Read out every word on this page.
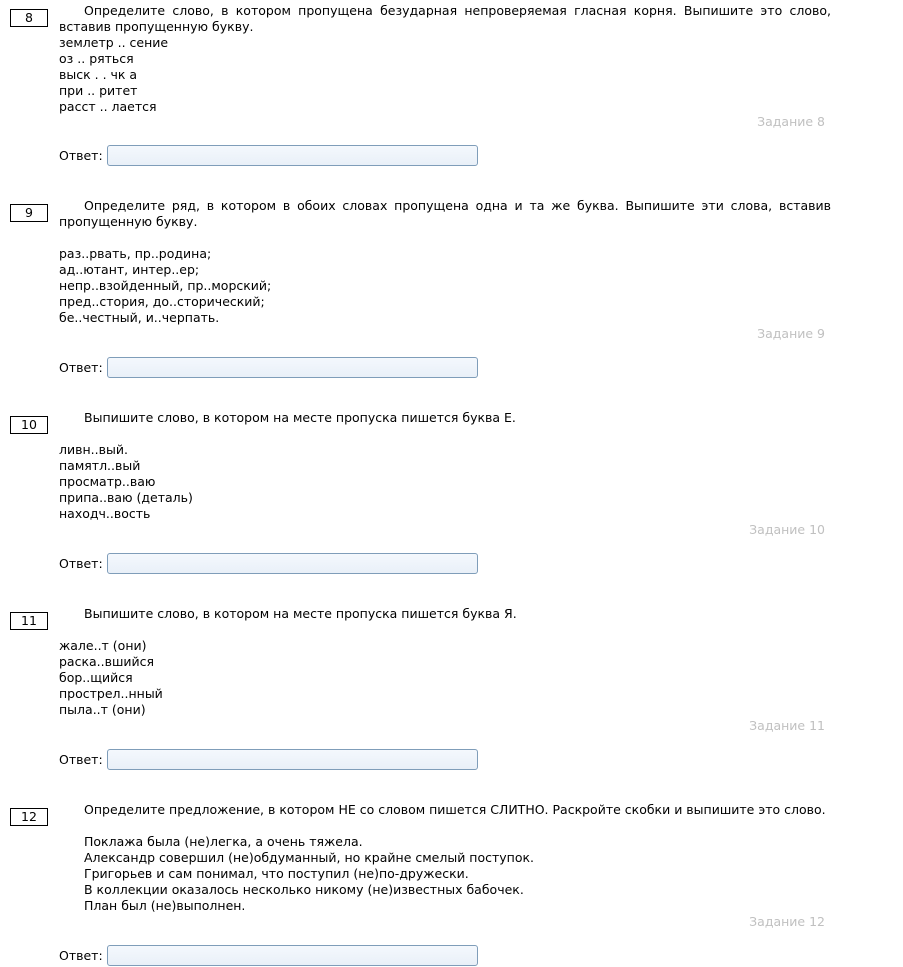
8	Определите слово, в котором пропущена безударная непроверяемая гласная корня. Выпишите это слово, вставив пропущенную букву.

землетр .. сение
оз .. ряться
выск . . чк а
при .. ритет
расст .. лается
Задание 8
Ответ:
9	Определите ряд, в котором в обоих словах пропущена одна и та же буква. Выпишите эти слова, вставив пропущенную букву.

раз..рвать, пр..родина;
ад..ютант, интер..ер;
непр..взойденный, пр..морский;
пред..стория, до..сторический;
бе..честный, и..черпать.
Задание 9
Ответ:
10	Выпишите слово, в котором на месте пропуска пишется буква Е.

ливн..вый.
памятл..вый
просматр..ваю
припа..ваю (деталь)
находч..вость
Задание 10
Ответ:
11	Выпишите слово, в котором на месте пропуска пишется буква Я.

жале..т (они)
раска..вшийся
бор..щийся
прострел..нный
пыла..т (они)
Задание 11
Ответ:
12	Определите предложение, в котором НЕ со словом пишется СЛИТНО. Раскройте скобки и выпишите это слово.

Поклажа была (не)легка, а очень тяжела.
Александр совершил (не)обдуманный, но крайне смелый поступок.
Григорьев и сам понимал, что поступил (не)по-дружески.
В коллекции оказалось несколько никому (не)известных бабочек.
План был (не)выполнен.
Задание 12
Ответ:
